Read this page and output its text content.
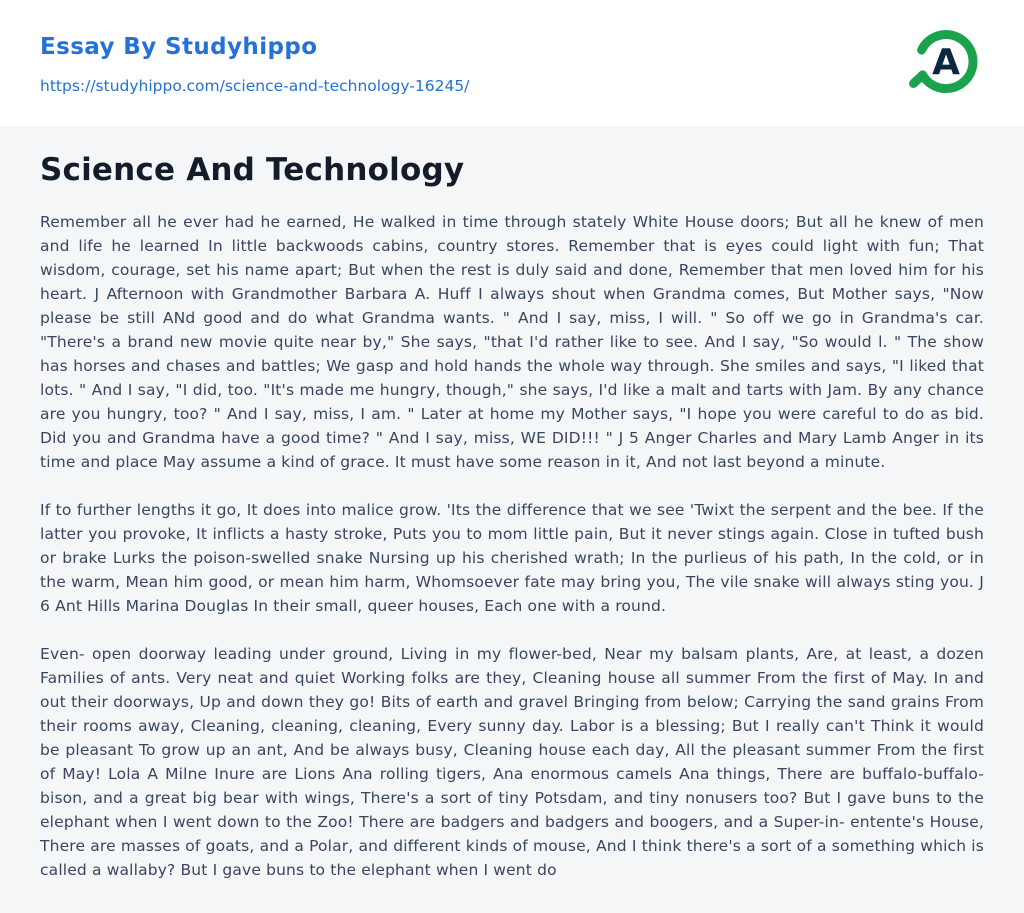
Essay By Studyhippo
https://studyhippo.com/science-and-technology-16245/
A
Science And Technology

Remember all he ever had he earned, He walked in time through stately White House doors; But all he knew of men and life he learned In little backwoods cabins, country stores. Remember that is eyes could light with fun; That wisdom, courage, set his name apart; But when the rest is duly said and done, Remember that men loved him for his heart. J Afternoon with Grandmother Barbara A. Huff I always shout when Grandma comes, But Mother says, "Now please be still ANd good and do what Grandma wants. " And I say, miss, I will. " So off we go in Grandma's car. "There's a brand new movie quite near by," She says, "that I'd rather like to see. And I say, "So would l. " The show has horses and chases and battles; We gasp and hold hands the whole way through. She smiles and says, "I liked that lots. " And I say, "I did, too. "It's made me hungry, though," she says, I'd like a malt and tarts with Jam. By any chance are you hungry, too? " And I say, miss, I am. " Later at home my Mother says, "I hope you were careful to do as bid. Did you and Grandma have a good time? " And I say, miss, WE DID!!! " J 5 Anger Charles and Mary Lamb Anger in its time and place May assume a kind of grace. It must have some reason in it, And not last beyond a minute.

If to further lengths it go, It does into malice grow. 'Its the difference that we see 'Twixt the serpent and the bee. If the latter you provoke, It inflicts a hasty stroke, Puts you to mom little pain, But it never stings again. Close in tufted bush or brake Lurks the poison-swelled snake Nursing up his cherished wrath; In the purlieus of his path, In the cold, or in the warm, Mean him good, or mean him harm, Whomsoever fate may bring you, The vile snake will always sting you. J 6 Ant Hills Marina Douglas In their small, queer houses, Each one with a round.

Even- open doorway leading under ground, Living in my flower-bed, Near my balsam plants, Are, at least, a dozen Families of ants. Very neat and quiet Working folks are they, Cleaning house all summer From the first of May. In and out their doorways, Up and down they go! Bits of earth and gravel Bringing from below; Carrying the sand grains From their rooms away, Cleaning, cleaning, cleaning, Every sunny day. Labor is a blessing; But I really can't Think it would be pleasant To grow up an ant, And be always busy, Cleaning house each day, All the pleasant summer From the first of May! Lola A Milne Inure are Lions Ana rolling tigers, Ana enormous camels Ana things, There are buffalo-buffalo-bison, and a great big bear with wings, There's a sort of tiny Potsdam, and tiny nonusers too? But I gave buns to the elephant when I went down to the Zoo! There are badgers and badgers and boogers, and a Super-in- entente's House, There are masses of goats, and a Polar, and different kinds of mouse, And I think there's a sort of a something which is called a wallaby? But I gave buns to the elephant when I went do
